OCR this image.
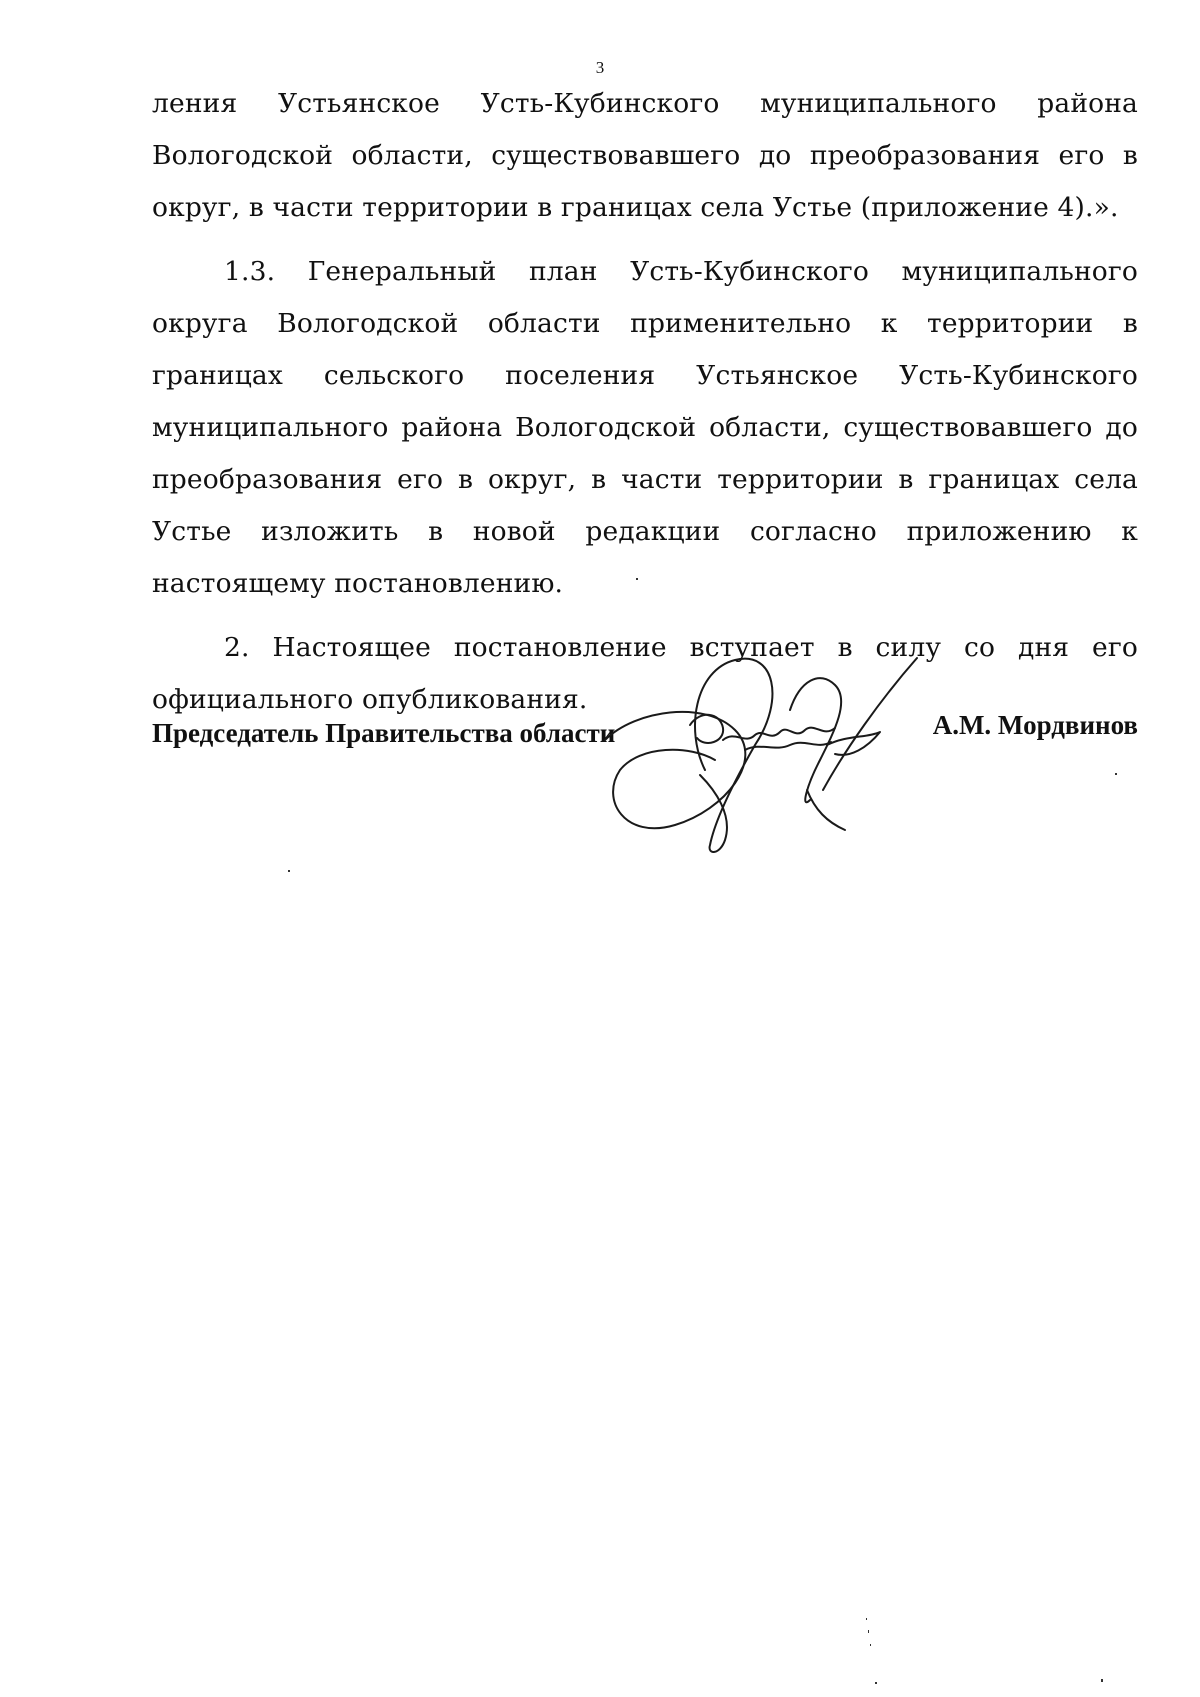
3

ления Устьянское Усть-Кубинского муниципального района Вологодской области, существовавшего до преобразования его в округ, в части территории в границах села Устье (приложение 4).».

1.3. Генеральный план Усть-Кубинского муниципального округа Вологодской области применительно к территории в границах сельского поселения Устьянское Усть-Кубинского муниципального района Вологодской области, существовавшего до преобразования его в округ, в части территории в границах села Устье изложить в новой редакции согласно приложению к настоящему постановлению.

2. Настоящее постановление вступает в силу со дня его официального опубликования.

Председатель Правительства области	А.М. Мордвинов
